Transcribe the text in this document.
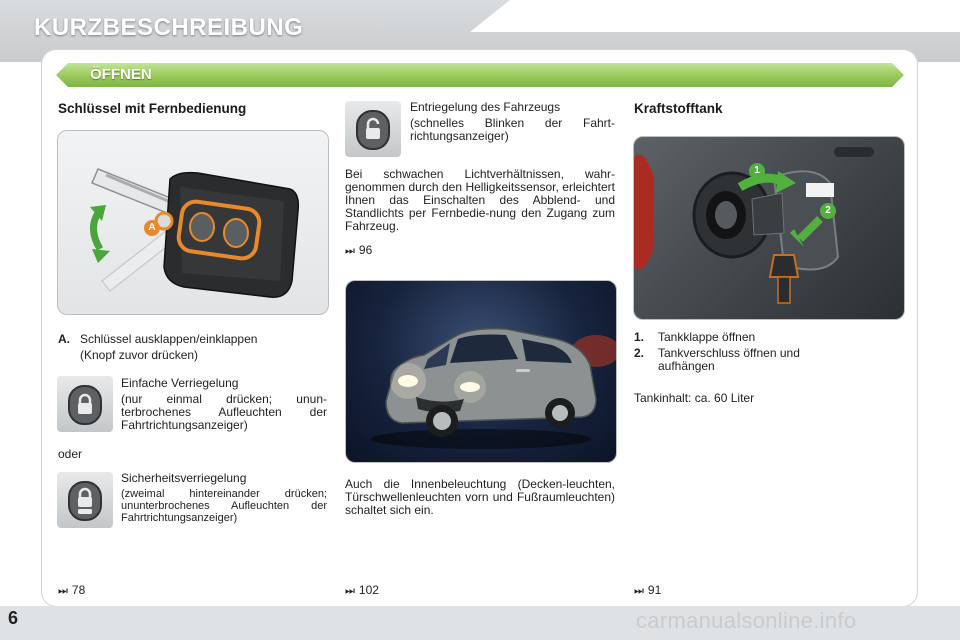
KURZBESCHREIBUNG
ÖFFNEN
Schlüssel mit Fernbedienung
A
A. Schlüssel ausklappen/einklappen
(Knopf zuvor drücken)
Einfache Verriegelung
(nur einmal drücken; unun-terbrochenes Aufleuchten der Fahrtrichtungsanzeiger)
oder
Sicherheitsverriegelung
(zweimal hintereinander drücken; ununterbrochenes Aufleuchten der Fahrtrichtungsanzeiger)
⏭ 78
Entriegelung des Fahrzeugs
(schnelles Blinken der Fahrt-richtungsanzeiger)
Bei schwachen Lichtverhältnissen, wahr-genommen durch den Helligkeitssensor, erleichtert Ihnen das Einschalten des Abblend- und Standlichts per Fernbedie-nung den Zugang zum Fahrzeug.
⏭ 96
Auch die Innenbeleuchtung (Decken-leuchten, Türschwellenleuchten vorn und Fußraumleuchten) schaltet sich ein.
⏭ 102
Kraftstofftank
1
2
1. Tankklappe öffnen
2. Tankverschluss öffnen und aufhängen
Tankinhalt: ca. 60 Liter
⏭ 91
6	carmanualsonline.info
